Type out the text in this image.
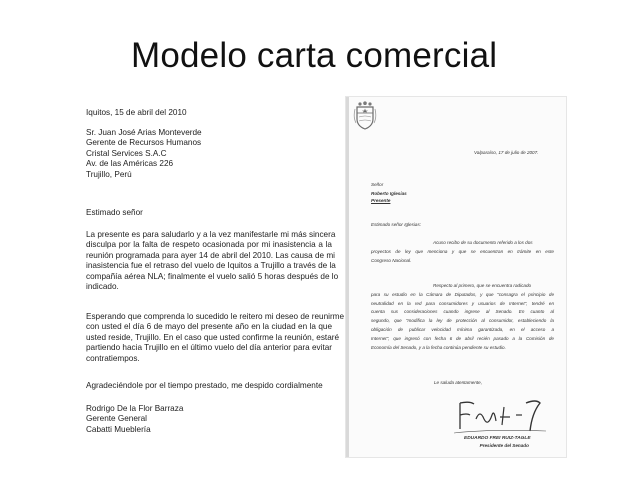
Modelo carta comercial
Iquitos, 15 de abril del 2010
Sr. Juan José Arias Monteverde
Gerente de Recursos Humanos
Cristal Services S.A.C
Av. de las Américas 226
Trujillo, Perú
Estimado señor
La presente es para saludarlo y a la vez manifestarle mi más sincera
disculpa por la falta de respeto ocasionada por mi inasistencia a la
reunión programada para ayer 14 de abril del 2010. Las causa de mi
inasistencia fue el retraso del vuelo de Iquitos a Trujillo a través de la
compañía aérea NLA; finalmente el vuelo salió 5 horas después de lo
indicado.
Esperando que comprenda lo sucedido le reitero mi deseo de reunirme
con usted el día 6 de mayo del presente año en la ciudad en la que
usted reside, Trujillo. En el caso que usted confirme la reunión, estaré
partiendo hacia Trujillo en el último vuelo del día anterior para evitar
contratiempos.
Agradeciéndole por el tiempo prestado, me despido cordialmente
Rodrigo De la Flor Barraza
Gerente General
Cabatti Mueblería
Valparaíso, 17 de julio de 2007.
Señor
Roberto Iglesias
Presente
Estimado señor Iglesias:
Acuso recibo de su documento referido a los dos
proyectos de ley que menciona y que se encuentran en trámite en este
Congreso Nacional.
Respecto al primero, que se encuentra radicado
para su estudio en la Cámara de Diputados, y que "consagra el principio de
neutralidad en la red para consumidores y usuarios de Internet", tendré en
cuenta sus consideraciones cuando ingrese al Senado. En cuanto al
segundo, que "modifica la ley de protección al consumidor, estableciendo la
obligación de publicar velocidad mínima garantizada, en el acceso a
Internet", que ingresó con fecha 6 de abril recién pasado a la Comisión de
Economía del Senado, y a la fecha continúa pendiente su estudio.
Le saluda atentamente,
EDUARDO FREI RUIZ-TAGLE
Presidente del Senado
